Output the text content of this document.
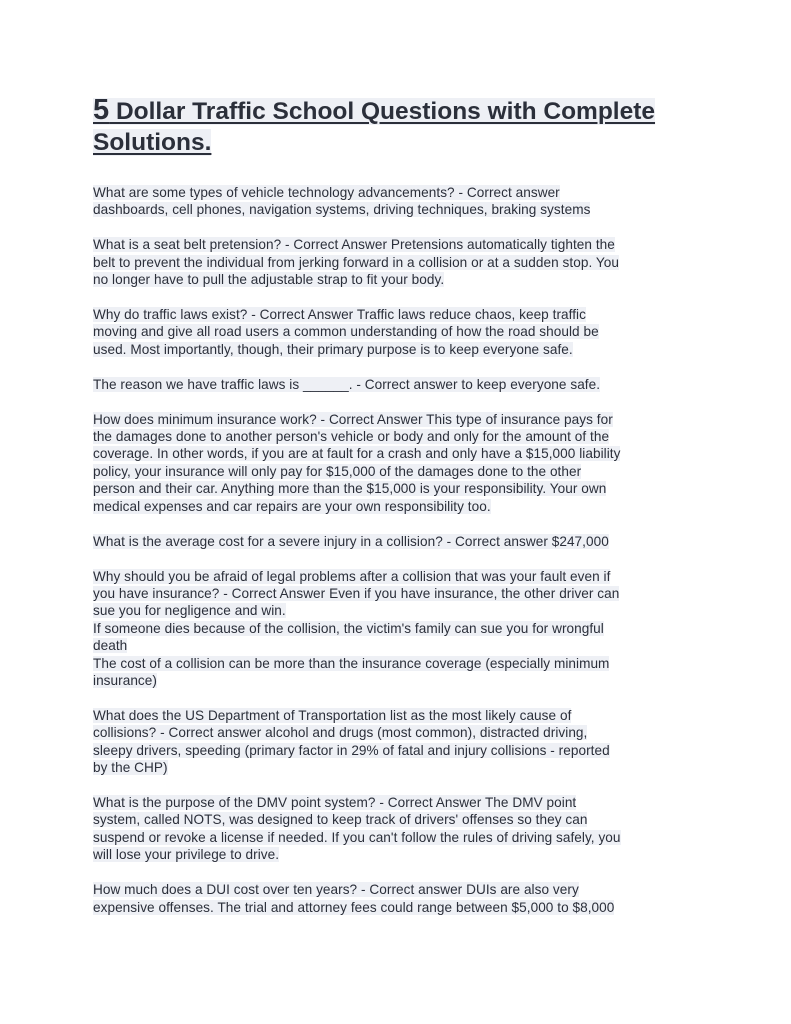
5 Dollar Traffic School Questions with Complete
Solutions.

What are some types of vehicle technology advancements? - Correct answer
dashboards, cell phones, navigation systems, driving techniques, braking systems

What is a seat belt pretension? - Correct Answer Pretensions automatically tighten the
belt to prevent the individual from jerking forward in a collision or at a sudden stop. You
no longer have to pull the adjustable strap to fit your body.

Why do traffic laws exist? - Correct Answer Traffic laws reduce chaos, keep traffic
moving and give all road users a common understanding of how the road should be
used. Most importantly, though, their primary purpose is to keep everyone safe.

The reason we have traffic laws is ______. - Correct answer to keep everyone safe.

How does minimum insurance work? - Correct Answer This type of insurance pays for
the damages done to another person's vehicle or body and only for the amount of the
coverage. In other words, if you are at fault for a crash and only have a $15,000 liability
policy, your insurance will only pay for $15,000 of the damages done to the other
person and their car. Anything more than the $15,000 is your responsibility. Your own
medical expenses and car repairs are your own responsibility too.

What is the average cost for a severe injury in a collision? - Correct answer $247,000

Why should you be afraid of legal problems after a collision that was your fault even if
you have insurance? - Correct Answer Even if you have insurance, the other driver can
sue you for negligence and win.
If someone dies because of the collision, the victim's family can sue you for wrongful
death
The cost of a collision can be more than the insurance coverage (especially minimum
insurance)

What does the US Department of Transportation list as the most likely cause of
collisions? - Correct answer alcohol and drugs (most common), distracted driving,
sleepy drivers, speeding (primary factor in 29% of fatal and injury collisions - reported
by the CHP)

What is the purpose of the DMV point system? - Correct Answer The DMV point
system, called NOTS, was designed to keep track of drivers' offenses so they can
suspend or revoke a license if needed. If you can't follow the rules of driving safely, you
will lose your privilege to drive.

How much does a DUI cost over ten years? - Correct answer DUIs are also very
expensive offenses. The trial and attorney fees could range between $5,000 to $8,000
